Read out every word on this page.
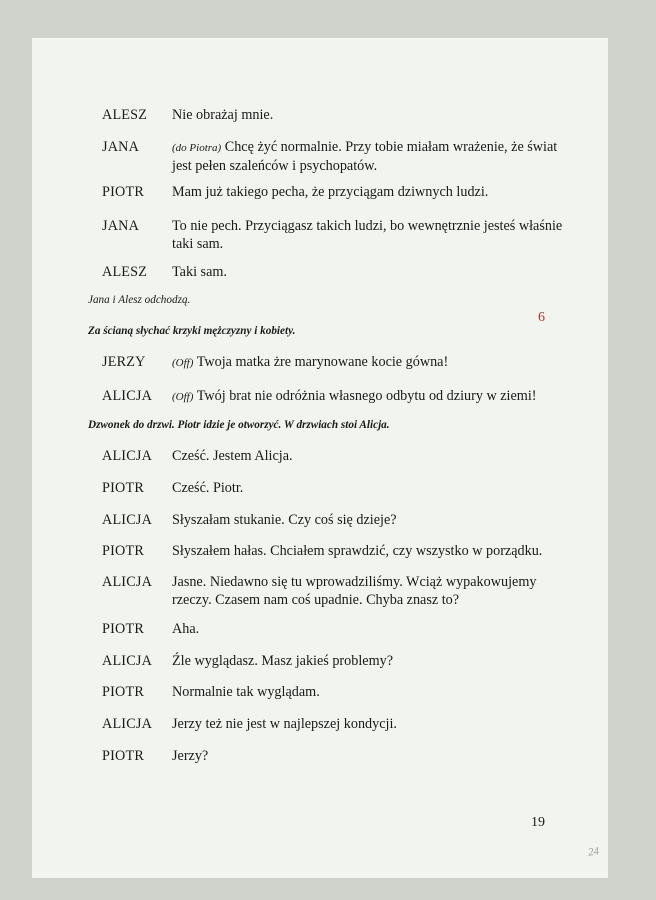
ALESZ Nie obrażaj mnie.
JANA	(do Piotra) Chcę żyć normalnie. Przy tobie miałam wrażenie, że świat jest pełen szaleńców i psychopatów.
PIOTR Mam już takiego pecha, że przyciągam dziwnych ludzi.
JANA To nie pech. Przyciągasz takich ludzi, bo wewnętrznie jesteś właśnie taki sam.
ALESZ Taki sam.
Jana i Alesz odchodzą.
6
Za ścianą słychać krzyki mężczyzny i kobiety.
JERZY (Off) Twoja matka żre marynowane kocie gówna!
ALICJA (Off) Twój brat nie odróżnia własnego odbytu od dziury w ziemi!
Dzwonek do drzwi. Piotr idzie je otworzyć. W drzwiach stoi Alicja.
ALICJA Cześć. Jestem Alicja.
PIOTR Cześć. Piotr.
ALICJA Słyszałam stukanie. Czy coś się dzieje?
PIOTR Słyszałem hałas. Chciałem sprawdzić, czy wszystko w porządku.
ALICJA Jasne. Niedawno się tu wprowadziliśmy. Wciąż wypakowujemy rzeczy. Czasem nam coś upadnie. Chyba znasz to?
PIOTR Aha.
ALICJA Źle wyglądasz. Masz jakieś problemy?
PIOTR Normalnie tak wyglądam.
ALICJA Jerzy też nie jest w najlepszej kondycji.
PIOTR Jerzy?
19
24
